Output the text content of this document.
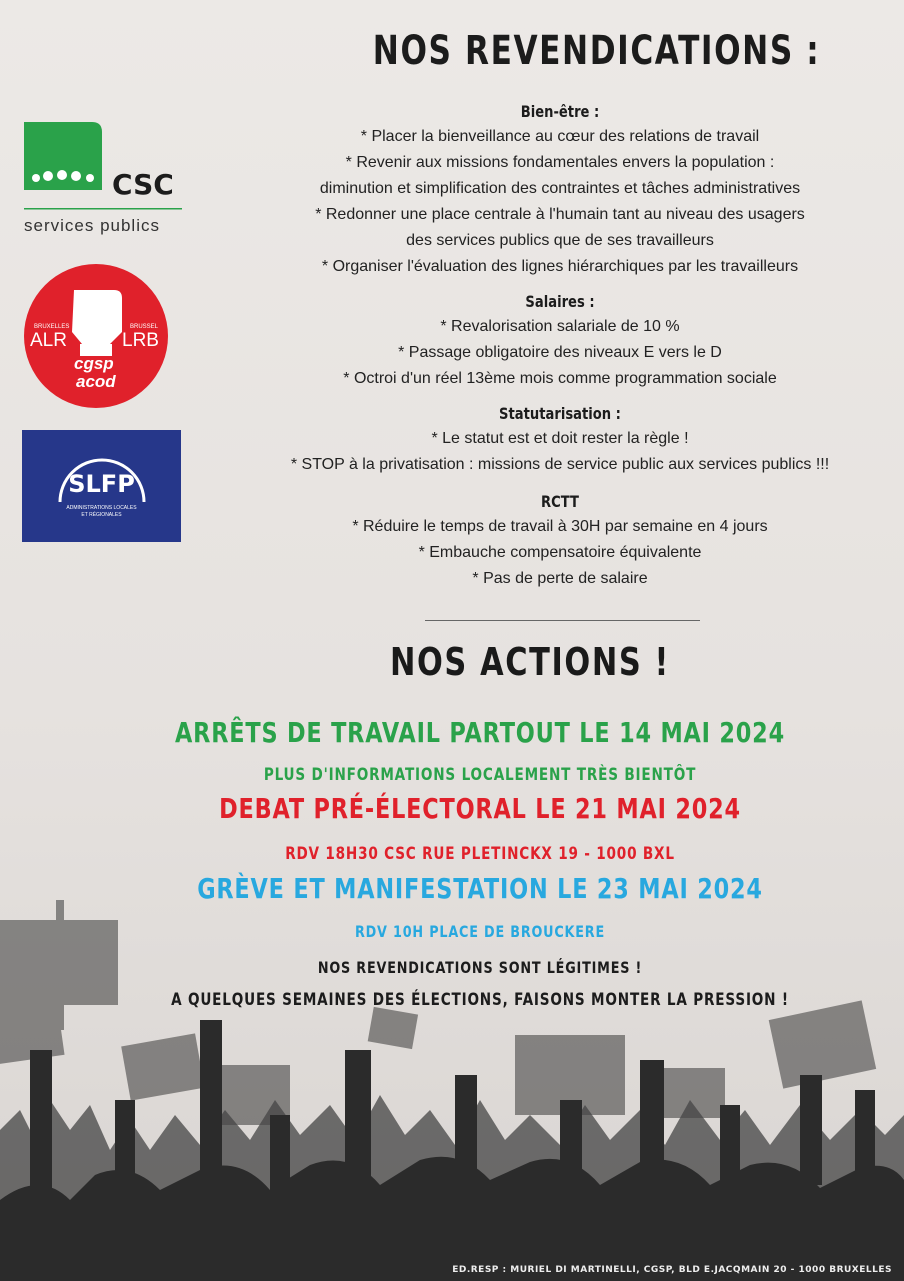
NOS REVENDICATIONS :
CSC
services publics
BRUXELLES	BRUSSEL
ALR	LRB
cgsp
acod
SLFP
ADMINISTRATIONS LOCALES
ET RÉGIONALES
Bien-être :
* Placer la bienveillance au cœur des relations de travail
* Revenir aux missions fondamentales envers la population :
diminution et simplification des contraintes et tâches administratives
* Redonner une place centrale à l'humain tant au niveau des usagers
des services publics que de ses travailleurs
* Organiser l'évaluation des lignes hiérarchiques par les travailleurs
Salaires :
* Revalorisation salariale de 10 %
* Passage obligatoire des niveaux E vers le D
* Octroi d'un réel 13ème mois comme programmation sociale
Statutarisation :
* Le statut est et doit rester la règle !
* STOP à la privatisation : missions de service public aux services publics !!!
RCTT
* Réduire le temps de travail à 30H par semaine en 4 jours
* Embauche compensatoire équivalente
* Pas de perte de salaire
NOS ACTIONS !
ARRÊTS DE TRAVAIL PARTOUT LE 14 MAI 2024
PLUS D'INFORMATIONS LOCALEMENT TRÈS BIENTÔT
DEBAT PRÉ-ÉLECTORAL LE 21 MAI 2024
RDV 18H30 CSC RUE PLETINCKX 19 - 1000 BXL
GRÈVE ET MANIFESTATION LE 23 MAI 2024
RDV 10H PLACE DE BROUCKERE
NOS REVENDICATIONS SONT LÉGITIMES !
A QUELQUES SEMAINES DES ÉLECTIONS, FAISONS MONTER LA PRESSION !
ED.RESP : MURIEL DI MARTINELLI, CGSP, BLD E.JACQMAIN 20 - 1000 BRUXELLES
